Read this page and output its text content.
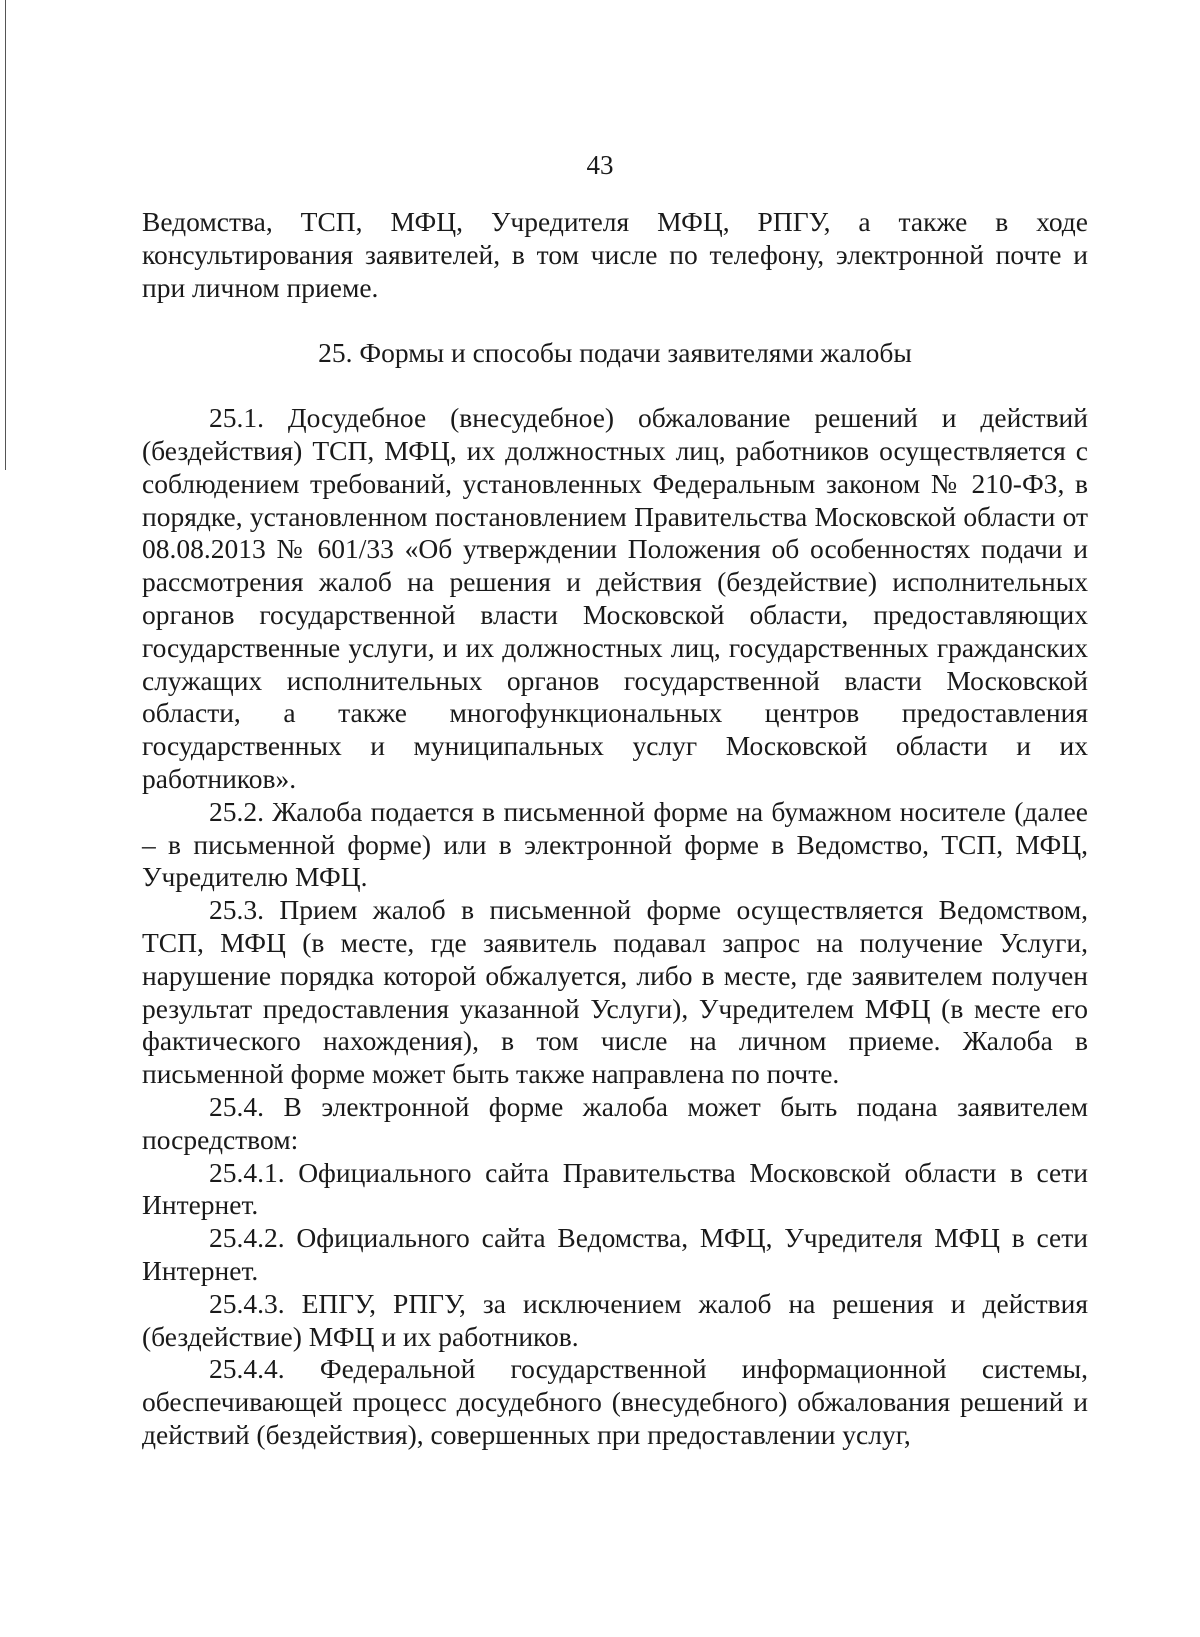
43

Ведомства, ТСП, МФЦ, Учредителя МФЦ, РПГУ, а также в ходе консультирования заявителей, в том числе по телефону, электронной почте и при личном приеме.

25. Формы и способы подачи заявителями жалобы

25.1. Досудебное (внесудебное) обжалование решений и действий (бездействия) ТСП, МФЦ, их должностных лиц, работников осуществляется с соблюдением требований, установленных Федеральным законом № 210-ФЗ, в порядке, установленном постановлением Правительства Московской области от 08.08.2013 № 601/33 «Об утверждении Положения об особенностях подачи и рассмотрения жалоб на решения и действия (бездействие) исполнительных органов государственной власти Московской области, предоставляющих государственные услуги, и их должностных лиц, государственных гражданских служащих исполнительных органов государственной власти Московской области, а также многофункциональных центров предоставления государственных и муниципальных услуг Московской области и их работников».

25.2. Жалоба подается в письменной форме на бумажном носителе (далее – в письменной форме) или в электронной форме в Ведомство, ТСП, МФЦ, Учредителю МФЦ.

25.3. Прием жалоб в письменной форме осуществляется Ведомством, ТСП, МФЦ (в месте, где заявитель подавал запрос на получение Услуги, нарушение порядка которой обжалуется, либо в месте, где заявителем получен результат предоставления указанной Услуги), Учредителем МФЦ (в месте его фактического нахождения), в том числе на личном приеме. Жалоба в письменной форме может быть также направлена по почте.

25.4. В электронной форме жалоба может быть подана заявителем посредством:

25.4.1. Официального сайта Правительства Московской области в сети Интернет.

25.4.2. Официального сайта Ведомства, МФЦ, Учредителя МФЦ в сети Интернет.

25.4.3. ЕПГУ, РПГУ, за исключением жалоб на решения и действия (бездействие) МФЦ и их работников.

25.4.4. Федеральной государственной информационной системы, обеспечивающей процесс досудебного (внесудебного) обжалования решений и действий (бездействия), совершенных при предоставлении услуг,
